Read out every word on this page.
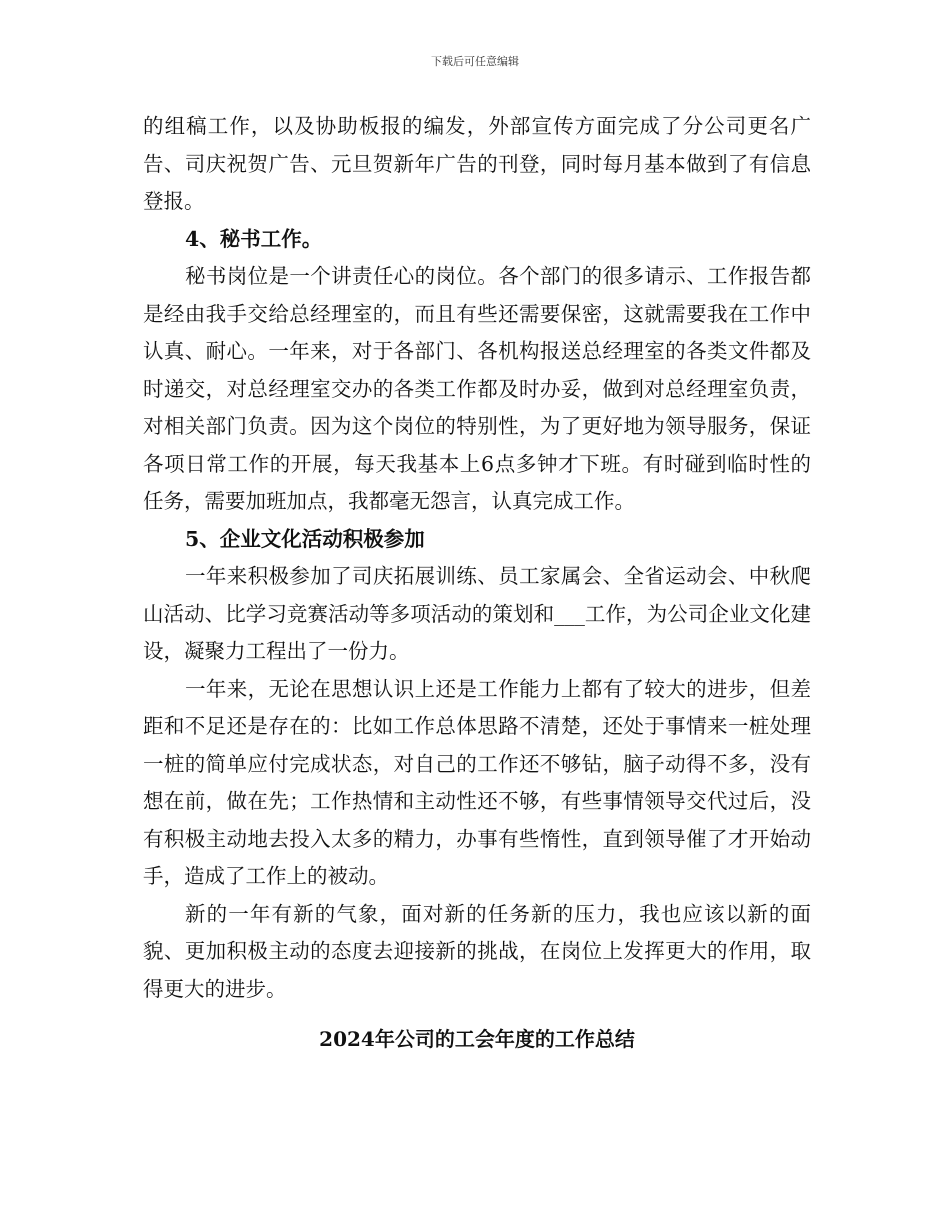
下载后可任意编辑

的组稿工作，以及协助板报的编发，外部宣传方面完成了分公司更名广告、司庆祝贺广告、元旦贺新年广告的刊登，同时每月基本做到了有信息登报。

4、秘书工作。

秘书岗位是一个讲责任心的岗位。各个部门的很多请示、工作报告都是经由我手交给总经理室的，而且有些还需要保密，这就需要我在工作中认真、耐心。一年来，对于各部门、各机构报送总经理室的各类文件都及时递交，对总经理室交办的各类工作都及时办妥，做到对总经理室负责，对相关部门负责。因为这个岗位的特别性，为了更好地为领导服务，保证各项日常工作的开展，每天我基本上6点多钟才下班。有时碰到临时性的任务，需要加班加点，我都毫无怨言，认真完成工作。

5、企业文化活动积极参加

一年来积极参加了司庆拓展训练、员工家属会、全省运动会、中秋爬山活动、比学习竞赛活动等多项活动的策划和___工作，为公司企业文化建设，凝聚力工程出了一份力。

一年来，无论在思想认识上还是工作能力上都有了较大的进步，但差距和不足还是存在的：比如工作总体思路不清楚，还处于事情来一桩处理一桩的简单应付完成状态，对自己的工作还不够钻，脑子动得不多，没有想在前，做在先；工作热情和主动性还不够，有些事情领导交代过后，没有积极主动地去投入太多的精力，办事有些惰性，直到领导催了才开始动手，造成了工作上的被动。

新的一年有新的气象，面对新的任务新的压力，我也应该以新的面貌、更加积极主动的态度去迎接新的挑战，在岗位上发挥更大的作用，取得更大的进步。

2024年公司的工会年度的工作总结
